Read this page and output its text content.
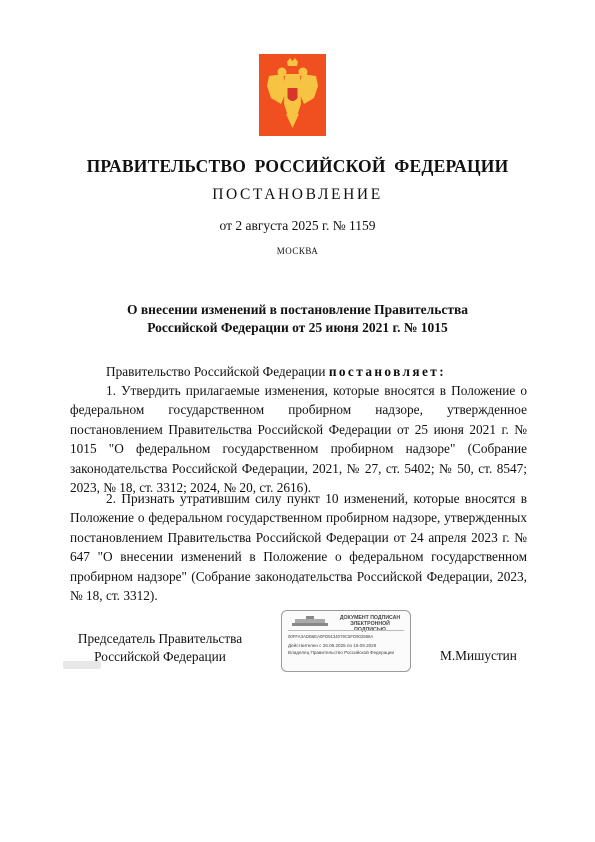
ПРАВИТЕЛЬСТВО РОССИЙСКОЙ ФЕДЕРАЦИИ
ПОСТАНОВЛЕНИЕ
от 2 августа 2025 г. № 1159
МОСКВА
О внесении изменений в постановление Правительства
Российской Федерации от 25 июня 2021 г. № 1015
Правительство Российской Федерации постановляет:
1. Утвердить прилагаемые изменения, которые вносятся в Положение о федеральном государственном пробирном надзоре, утвержденное постановлением Правительства Российской Федерации от 25 июня 2021 г. № 1015 "О федеральном государственном пробирном надзоре" (Собрание законодательства Российской Федерации, 2021, № 27, ст. 5402; № 50, ст. 8547; 2023, № 18, ст. 3312; 2024, № 20, ст. 2616).
2. Признать утратившим силу пункт 10 изменений, которые вносятся в Положение о федеральном государственном пробирном надзоре, утвержденных постановлением Правительства Российской Федерации от 24 апреля 2023 г. № 647 "О внесении изменений в Положение о федеральном государственном пробирном надзоре" (Собрание законодательства Российской Федерации, 2023, № 18, ст. 3312).
Председатель Правительства
Российской Федерации
ДОКУМЕНТ ПОДПИСАН
ЭЛЕКТРОННОЙ ПОДПИСЬЮ
00FFA3ADB6EA0FD9134079C5FD902588A
Действителен с 26.06.2025 по 19.09.2026
Владелец Правительство Российской Федерации	М.Мишустин
